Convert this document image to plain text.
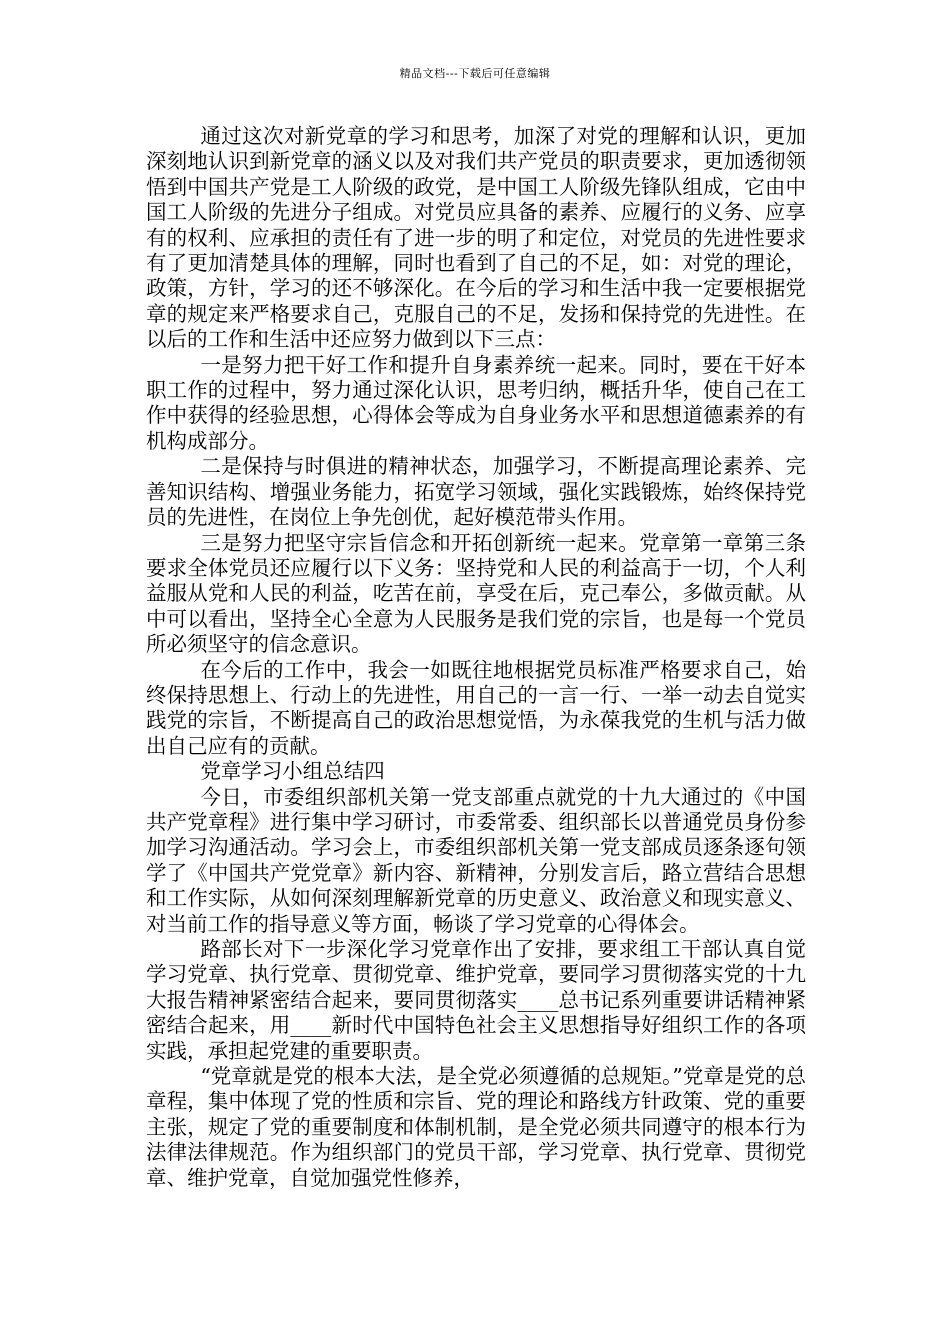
精品文档---下载后可任意编辑

通过这次对新党章的学习和思考，加深了对党的理解和认识，更加深刻地认识到新党章的涵义以及对我们共产党员的职责要求，更加透彻领悟到中国共产党是工人阶级的政党，是中国工人阶级先锋队组成，它由中国工人阶级的先进分子组成。对党员应具备的素养、应履行的义务、应享有的权利、应承担的责任有了进一步的明了和定位，对党员的先进性要求有了更加清楚具体的理解，同时也看到了自己的不足，如：对党的理论，政策，方针，学习的还不够深化。在今后的学习和生活中我一定要根据党章的规定来严格要求自己，克服自己的不足，发扬和保持党的先进性。在以后的工作和生活中还应努力做到以下三点：

一是努力把干好工作和提升自身素养统一起来。同时，要在干好本职工作的过程中，努力通过深化认识，思考归纳，概括升华，使自己在工作中获得的经验思想，心得体会等成为自身业务水平和思想道德素养的有机构成部分。

二是保持与时俱进的精神状态，加强学习，不断提高理论素养、完善知识结构、增强业务能力，拓宽学习领域，强化实践锻炼，始终保持党员的先进性，在岗位上争先创优，起好模范带头作用。

三是努力把坚守宗旨信念和开拓创新统一起来。党章第一章第三条要求全体党员还应履行以下义务：坚持党和人民的利益高于一切，个人利益服从党和人民的利益，吃苦在前，享受在后，克己奉公，多做贡献。从中可以看出，坚持全心全意为人民服务是我们党的宗旨，也是每一个党员所必须坚守的信念意识。

在今后的工作中，我会一如既往地根据党员标准严格要求自己，始终保持思想上、行动上的先进性，用自己的一言一行、一举一动去自觉实践党的宗旨，不断提高自己的政治思想觉悟，为永葆我党的生机与活力做出自己应有的贡献。

党章学习小组总结四

今日，市委组织部机关第一党支部重点就党的十九大通过的《中国共产党章程》进行集中学习研讨，市委常委、组织部长以普通党员身份参加学习沟通活动。学习会上，市委组织部机关第一党支部成员逐条逐句领学了《中国共产党党章》新内容、新精神，分别发言后，路立营结合思想和工作实际，从如何深刻理解新党章的历史意义、政治意义和现实意义、对当前工作的指导意义等方面，畅谈了学习党章的心得体会。

路部长对下一步深化学习党章作出了安排，要求组工干部认真自觉学习党章、执行党章、贯彻党章、维护党章，要同学习贯彻落实党的十九大报告精神紧密结合起来，要同贯彻落实____总书记系列重要讲话精神紧密结合起来，用____新时代中国特色社会主义思想指导好组织工作的各项实践，承担起党建的重要职责。

“党章就是党的根本大法，是全党必须遵循的总规矩。”党章是党的总章程，集中体现了党的性质和宗旨、党的理论和路线方针政策、党的重要主张，规定了党的重要制度和体制机制，是全党必须共同遵守的根本行为法律法律规范。作为组织部门的党员干部，学习党章、执行党章、贯彻党章、维护党章，自觉加强党性修养，
